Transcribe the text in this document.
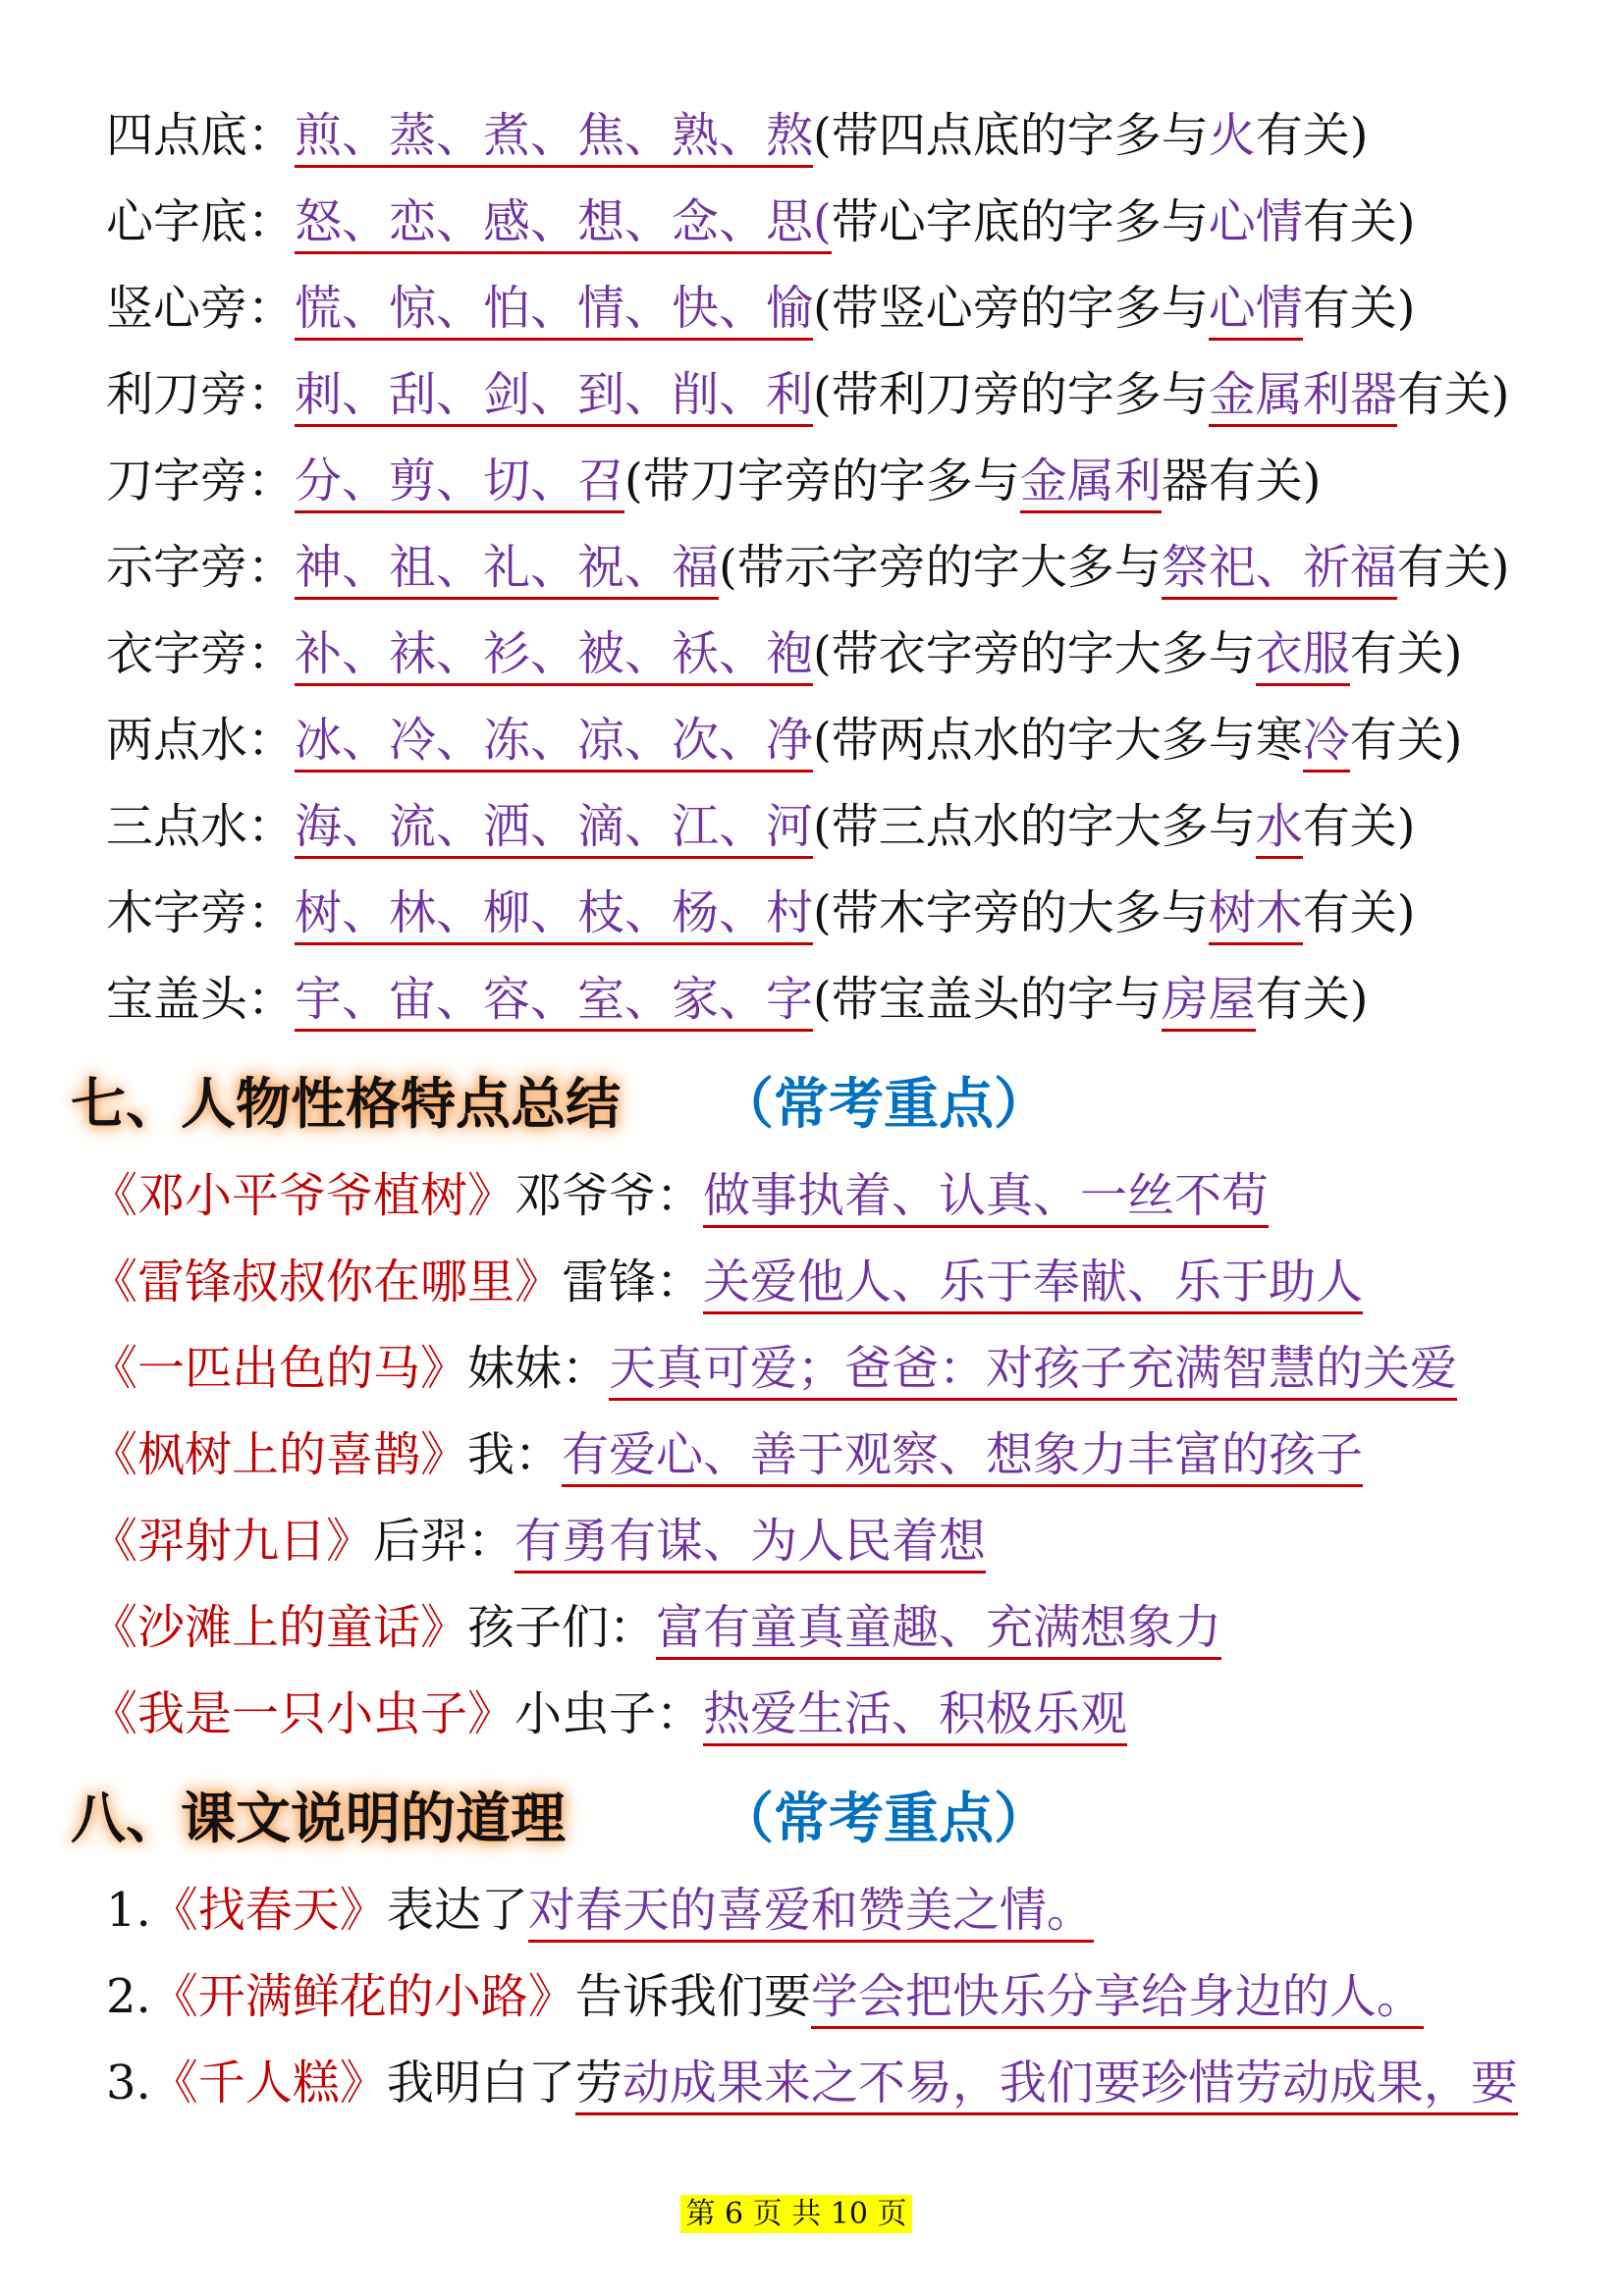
四点底：煎、蒸、煮、焦、熟、熬(带四点底的字多与火有关)
心字底：怒、恋、感、想、念、思(带心字底的字多与心情有关)
竖心旁：慌、惊、怕、情、快、愉(带竖心旁的字多与心情有关)
利刀旁：刺、刮、剑、到、削、利(带利刀旁的字多与金属利器有关)
刀字旁：分、剪、切、召(带刀字旁的字多与金属利器有关)
示字旁：神、祖、礼、祝、福(带示字旁的字大多与祭祀、祈福有关)
衣字旁：补、袜、衫、被、袄、袍(带衣字旁的字大多与衣服有关)
两点水：冰、冷、冻、凉、次、净(带两点水的字大多与寒冷有关)
三点水：海、流、洒、滴、江、河(带三点水的字大多与水有关)
木字旁：树、林、柳、枝、杨、村(带木字旁的大多与树木有关)
宝盖头：宇、宙、容、室、家、字(带宝盖头的字与房屋有关)
七、人物性格特点总结 （常考重点）
《邓小平爷爷植树》邓爷爷：做事执着、认真、一丝不苟
《雷锋叔叔你在哪里》雷锋：关爱他人、乐于奉献、乐于助人
《一匹出色的马》妹妹：天真可爱；爸爸：对孩子充满智慧的关爱
《枫树上的喜鹊》我：有爱心、善于观察、想象力丰富的孩子
《羿射九日》后羿：有勇有谋、为人民着想
《沙滩上的童话》孩子们：富有童真童趣、充满想象力
《我是一只小虫子》小虫子：热爱生活、积极乐观
八、课文说明的道理	（常考重点）
1.《找春天》表达了对春天的喜爱和赞美之情。
2.《开满鲜花的小路》告诉我们要学会把快乐分享给身边的人。
3.《千人糕》我明白了劳动成果来之不易，我们要珍惜劳动成果，要
第 6 页 共 10 页
